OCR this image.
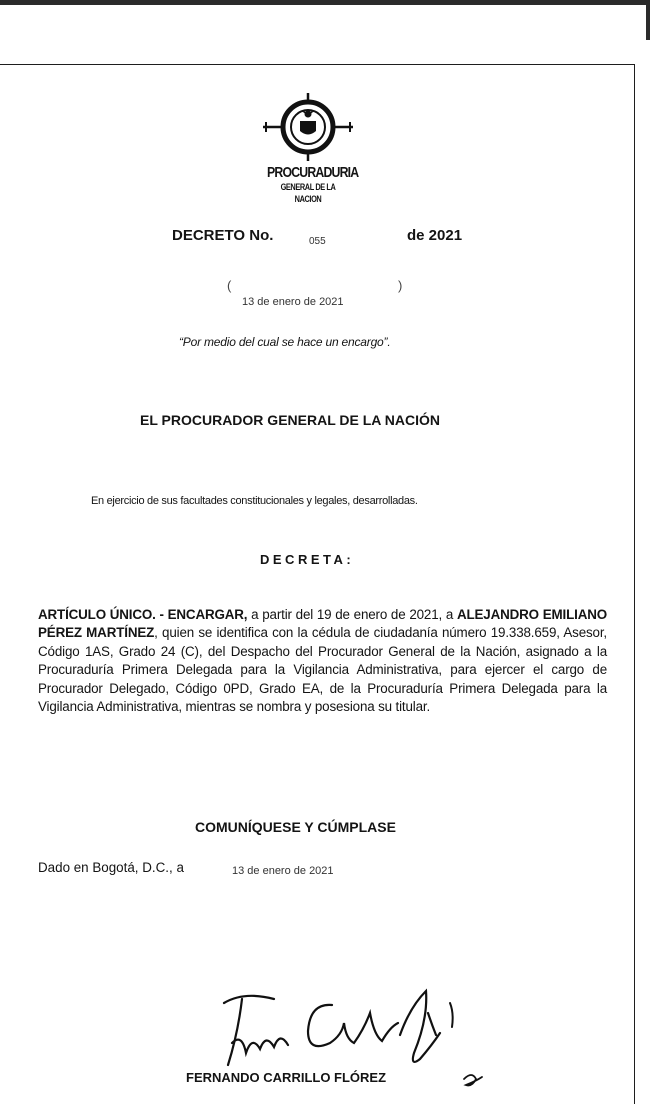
PROCURADURIA
GENERAL DE LA NACION
DECRETO No.	055	de 2021
(
13 de enero de 2021
)
“Por medio del cual se hace un encargo”.
EL PROCURADOR GENERAL DE LA NACIÓN
En ejercicio de sus facultades constitucionales y legales, desarrolladas.
DECRETA:
ARTÍCULO ÚNICO. - ENCARGAR, a partir del 19 de enero de 2021, a ALEJANDRO EMILIANO PÉREZ MARTÍNEZ, quien se identifica con la cédula de ciudadanía número 19.338.659, Asesor, Código 1AS, Grado 24 (C), del Despacho del Procurador General de la Nación, asignado a la Procuraduría Primera Delegada para la Vigilancia Administrativa, para ejercer el cargo de Procurador Delegado, Código 0PD, Grado EA, de la Procuraduría Primera Delegada para la Vigilancia Administrativa, mientras se nombra y posesiona su titular.
COMUNÍQUESE Y CÚMPLASE
Dado en Bogotá, D.C., a	13 de enero de 2021
FERNANDO CARRILLO FLÓREZ
